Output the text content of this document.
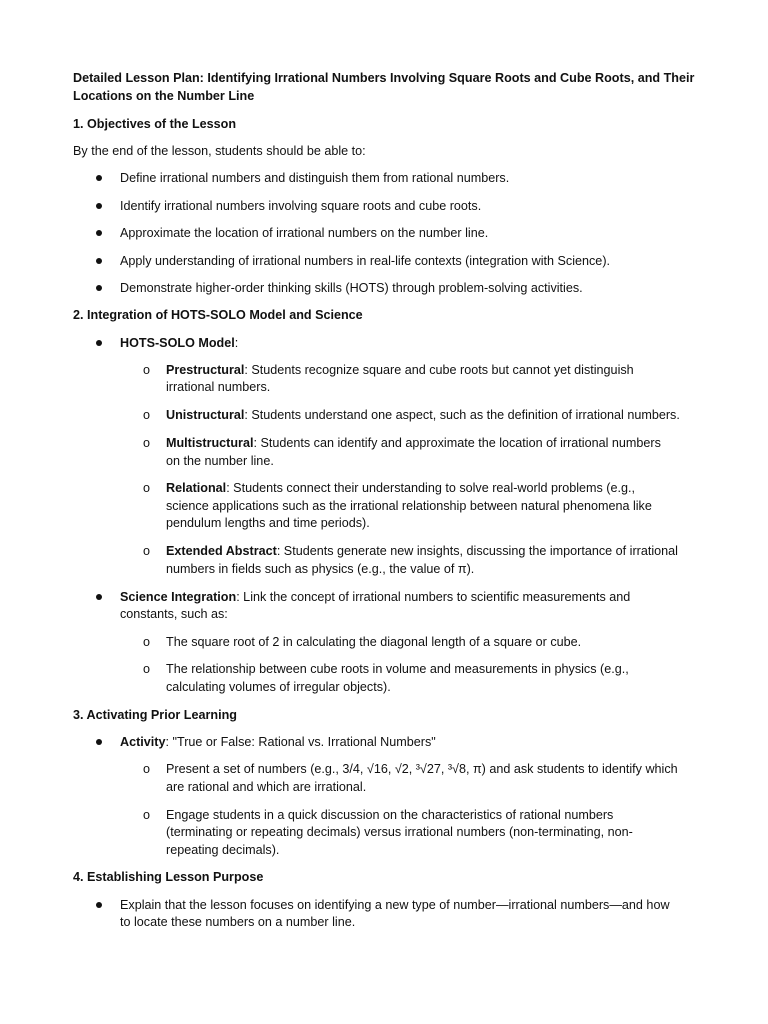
Detailed Lesson Plan: Identifying Irrational Numbers Involving Square Roots and Cube Roots, and Their
Locations on the Number Line
1. Objectives of the Lesson
By the end of the lesson, students should be able to:
Define irrational numbers and distinguish them from rational numbers.
Identify irrational numbers involving square roots and cube roots.
Approximate the location of irrational numbers on the number line.
Apply understanding of irrational numbers in real-life contexts (integration with Science).
Demonstrate higher-order thinking skills (HOTS) through problem-solving activities.
2. Integration of HOTS-SOLO Model and Science
HOTS-SOLO Model:
o Prestructural: Students recognize square and cube roots but cannot yet distinguish
irrational numbers.
o Unistructural: Students understand one aspect, such as the definition of irrational numbers.
o Multistructural: Students can identify and approximate the location of irrational numbers
on the number line.
o Relational: Students connect their understanding to solve real-world problems (e.g.,
science applications such as the irrational relationship between natural phenomena like
pendulum lengths and time periods).
o Extended Abstract: Students generate new insights, discussing the importance of irrational
numbers in fields such as physics (e.g., the value of π).
Science Integration: Link the concept of irrational numbers to scientific measurements and
constants, such as:
o The square root of 2 in calculating the diagonal length of a square or cube.
o The relationship between cube roots in volume and measurements in physics (e.g.,
calculating volumes of irregular objects).
3. Activating Prior Learning
Activity: "True or False: Rational vs. Irrational Numbers"
o Present a set of numbers (e.g., 3/4, √16, √2, ³√27, ³√8, π) and ask students to identify which
are rational and which are irrational.
o Engage students in a quick discussion on the characteristics of rational numbers
(terminating or repeating decimals) versus irrational numbers (non-terminating, non-
repeating decimals).
4. Establishing Lesson Purpose
Explain that the lesson focuses on identifying a new type of number—irrational numbers—and how
to locate these numbers on a number line.
